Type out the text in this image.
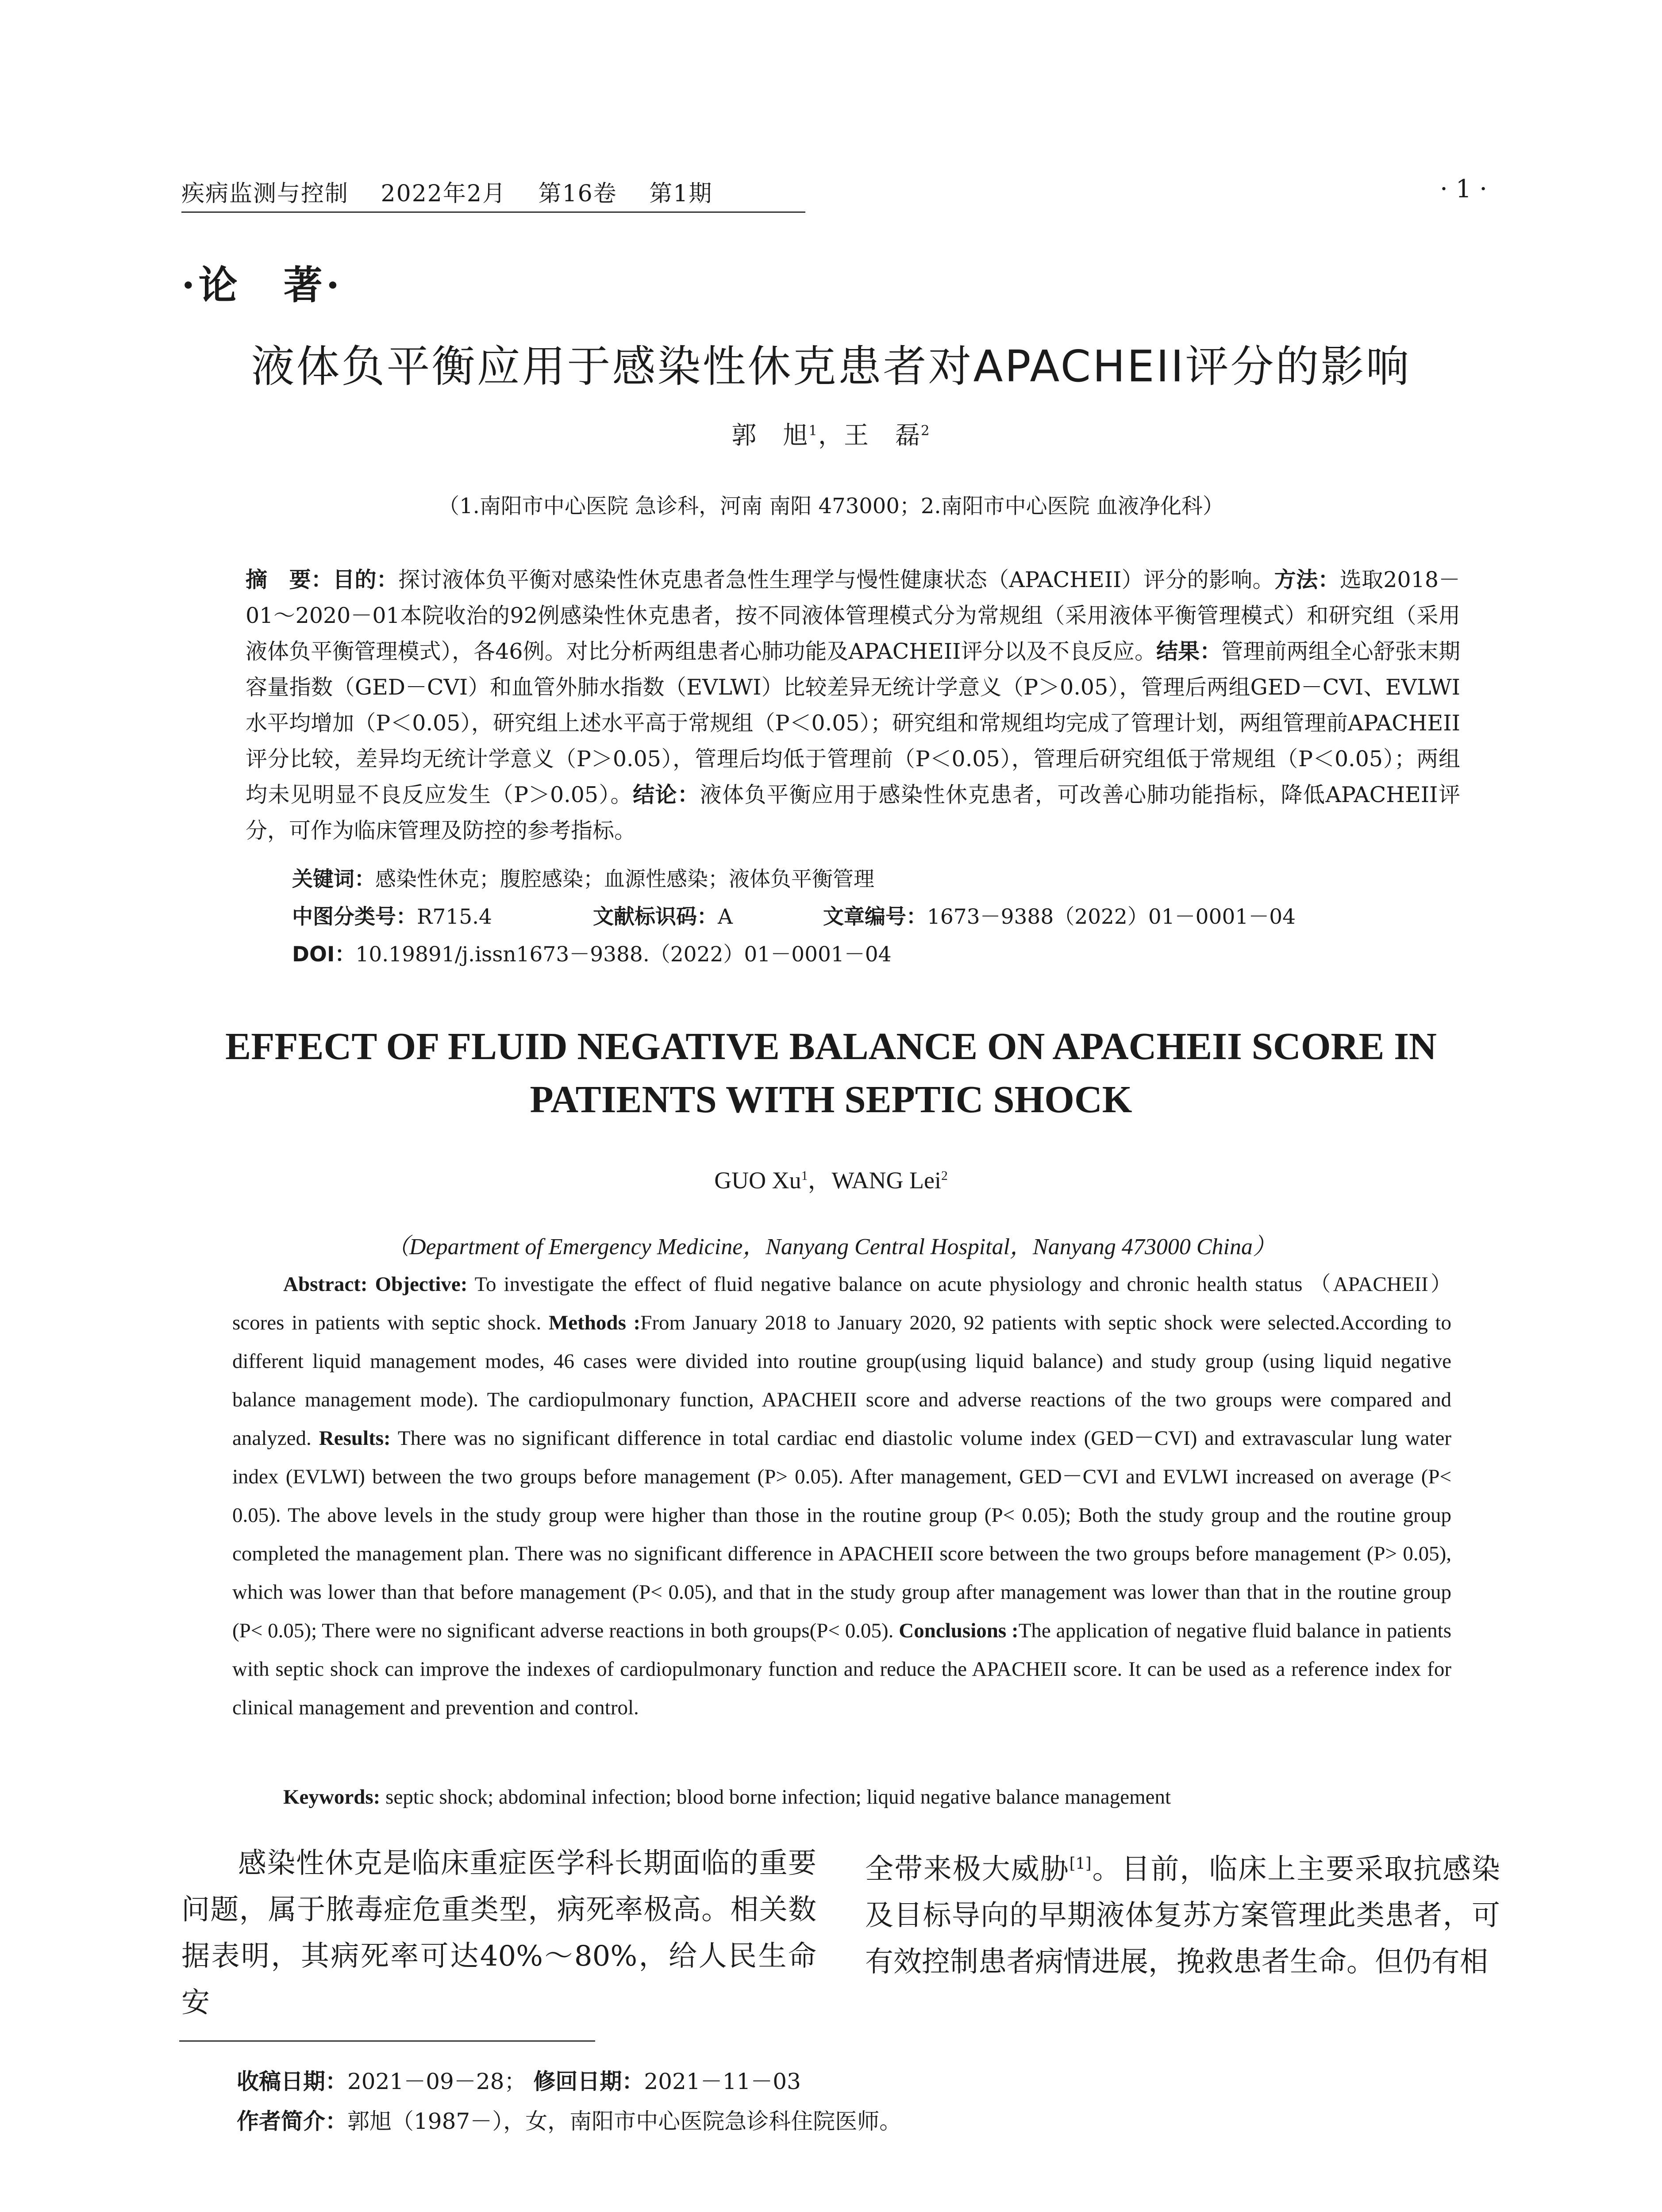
疾病监测与控制　 2022年2月　 第16卷　 第1期	· 1 ·
·论　著·
液体负平衡应用于感染性休克患者对APACHEII评分的影响
郭　旭$^1$，王　磊$^2$
（1.南阳市中心医院 急诊科，河南 南阳 473000；2.南阳市中心医院 血液净化科）
摘　要：目的：探讨液体负平衡对感染性休克患者急性生理学与慢性健康状态（APACHEII）评分的影响。方法：选取2018－01～2020－01本院收治的92例感染性休克患者，按不同液体管理模式分为常规组（采用液体平衡管理模式）和研究组（采用液体负平衡管理模式），各46例。对比分析两组患者心肺功能及APACHEII评分以及不良反应。结果：管理前两组全心舒张末期容量指数（GED－CVI）和血管外肺水指数（EVLWI）比较差异无统计学意义（P＞0.05），管理后两组GED－CVI、EVLWI水平均增加（P＜0.05），研究组上述水平高于常规组（P＜0.05）；研究组和常规组均完成了管理计划，两组管理前APACHEII评分比较，差异均无统计学意义（P＞0.05），管理后均低于管理前（P＜0.05），管理后研究组低于常规组（P＜0.05）；两组均未见明显不良反应发生（P＞0.05）。结论：液体负平衡应用于感染性休克患者，可改善心肺功能指标，降低APACHEII评分，可作为临床管理及防控的参考指标。
关键词：感染性休克；腹腔感染；血源性感染；液体负平衡管理
中图分类号：R715.4	文献标识码：A	文章编号：1673－9388（2022）01－0001－04
DOI：10.19891/j.issn1673－9388.（2022）01－0001－04
EFFECT OF FLUID NEGATIVE BALANCE ON APACHEII SCORE IN PATIENTS WITH SEPTIC SHOCK
GUO Xu$^1$，WANG Lei$^2$
（Department of Emergency Medicine，Nanyang Central Hospital，Nanyang 473000 China）
Abstract: Objective: To investigate the effect of fluid negative balance on acute physiology and chronic health status （APACHEII） scores in patients with septic shock. Methods :From January 2018 to January 2020, 92 patients with septic shock were selected.According to different liquid management modes, 46 cases were divided into routine group(using liquid balance) and study group (using liquid negative balance management mode). The cardiopulmonary function, APACHEII score and adverse reactions of the two groups were compared and analyzed. Results: There was no significant difference in total cardiac end diastolic volume index (GED－CVI) and extravascular lung water index (EVLWI) between the two groups before management (P> 0.05). After management, GED－CVI and EVLWI increased on average (P< 0.05). The above levels in the study group were higher than those in the routine group (P< 0.05); Both the study group and the routine group completed the management plan. There was no significant difference in APACHEII score between the two groups before management (P> 0.05), which was lower than that before management (P< 0.05), and that in the study group after management was lower than that in the routine group (P< 0.05); There were no significant adverse reactions in both groups(P< 0.05). Conclusions :The application of negative fluid balance in patients with septic shock can improve the indexes of cardiopulmonary function and reduce the APACHEII score. It can be used as a reference index for clinical management and prevention and control.
Keywords: septic shock; abdominal infection; blood borne infection; liquid negative balance management
感染性休克是临床重症医学科长期面临的重要问题，属于脓毒症危重类型，病死率极高。相关数据表明，其病死率可达40%～80%，给人民生命安
全带来极大威胁[1]。目前，临床上主要采取抗感染及目标导向的早期液体复苏方案管理此类患者，可有效控制患者病情进展，挽救患者生命。但仍有相
收稿日期：2021－09－28； 修回日期：2021－11－03
作者简介：郭旭（1987－），女，南阳市中心医院急诊科住院医师。
